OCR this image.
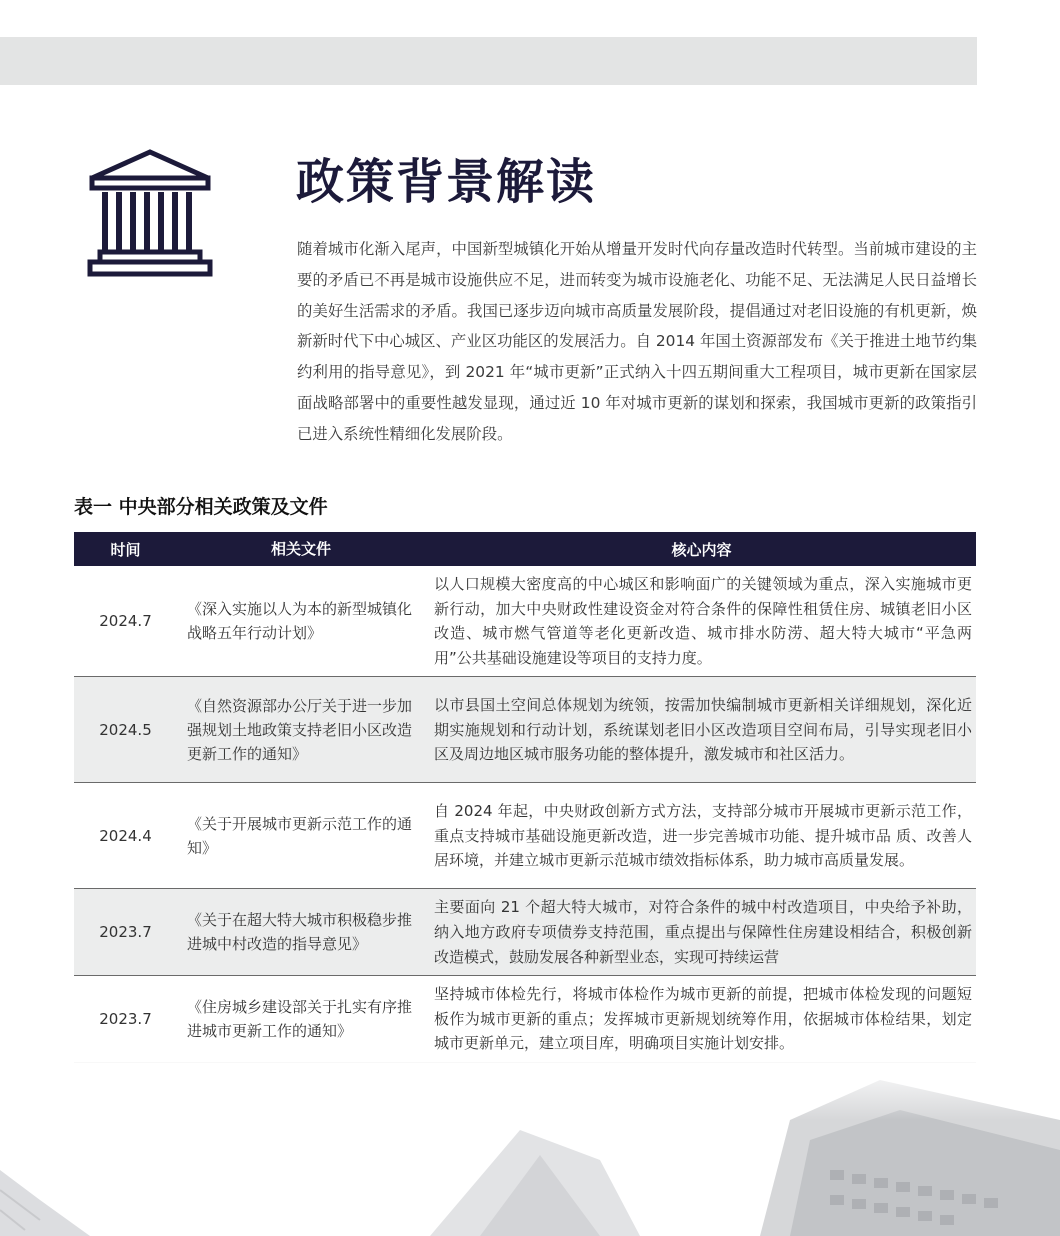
政策背景解读

随着城市化渐入尾声，中国新型城镇化开始从增量开发时代向存量改造时代转型。当前城市建设的主要的矛盾已不再是城市设施供应不足，进而转变为城市设施老化、功能不足、无法满足人民日益增长的美好生活需求的矛盾。我国已逐步迈向城市高质量发展阶段，提倡通过对老旧设施的有机更新，焕新新时代下中心城区、产业区功能区的发展活力。自 2014 年国土资源部发布《关于推进土地节约集约利用的指导意见》，到 2021 年“城市更新”正式纳入十四五期间重大工程项目，城市更新在国家层面战略部署中的重要性越发显现，通过近 10 年对城市更新的谋划和探索，我国城市更新的政策指引已进入系统性精细化发展阶段。

表一 中央部分相关政策及文件
时间	相关文件	核心内容
2024.7	《深入实施以人为本的新型城镇化战略五年行动计划》	以人口规模大密度高的中心城区和影响面广的关键领域为重点，深入实施城市更新行动，加大中央财政性建设资金对符合条件的保障性租赁住房、城镇老旧小区改造、城市燃气管道等老化更新改造、城市排水防涝、超大特大城市“平急两用”公共基础设施建设等项目的支持力度。
2024.5	《自然资源部办公厅关于进一步加强规划土地政策支持老旧小区改造更新工作的通知》	以市县国土空间总体规划为统领，按需加快编制城市更新相关详细规划，深化近期实施规划和行动计划，系统谋划老旧小区改造项目空间布局，引导实现老旧小区及周边地区城市服务功能的整体提升，激发城市和社区活力。
2024.4	《关于开展城市更新示范工作的通知》	自 2024 年起，中央财政创新方式方法，支持部分城市开展城市更新示范工作，重点支持城市基础设施更新改造，进一步完善城市功能、提升城市品 质、改善人居环境，并建立城市更新示范城市绩效指标体系，助力城市高质量发展。
2023.7	《关于在超大特大城市积极稳步推进城中村改造的指导意见》	主要面向 21 个超大特大城市，对符合条件的城中村改造项目，中央给予补助，纳入地方政府专项债券支持范围，重点提出与保障性住房建设相结合，积极创新改造模式，鼓励发展各种新型业态，实现可持续运营
2023.7	《住房城乡建设部关于扎实有序推进城市更新工作的通知》	坚持城市体检先行，将城市体检作为城市更新的前提，把城市体检发现的问题短板作为城市更新的重点；发挥城市更新规划统筹作用，依据城市体检结果，划定城市更新单元，建立项目库，明确项目实施计划安排。
